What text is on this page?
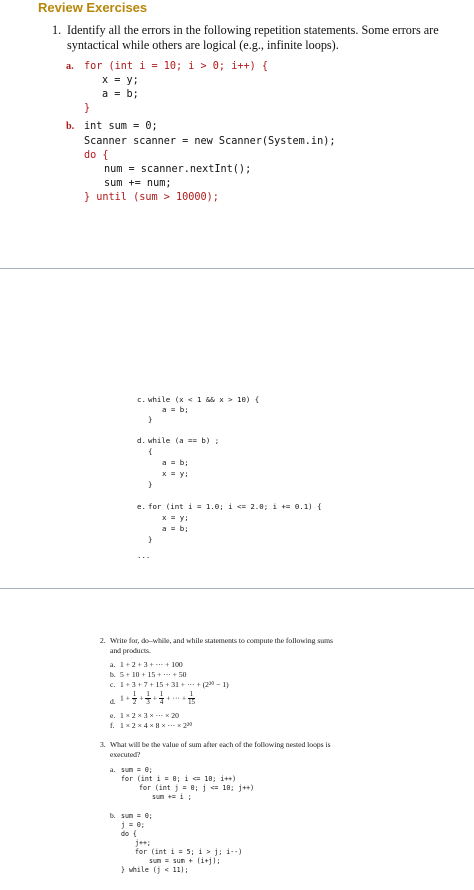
Review Exercises
1. Identify all the errors in the following repetition statements. Some errors are syntactical while others are logical (e.g., infinite loops).
a. for (int i = 10; i > 0; i++) {
x = y;
a = b;
}
b. int sum = 0;
Scanner scanner = new Scanner(System.in);
do {
num = scanner.nextInt();
sum += num;
} until (sum > 10000);
c. while (x < 1 && x > 10) {
a = b;
}
d. while (a == b) ;
{
a = b;
x = y;
}
e. for (int i = 1.0; i <= 2.0; i += 0.1) {
x = y;
a = b;
}
...
2. Write for, do–while, and while statements to compute the following sums
and products.
a. 1 + 2 + 3 + ··· + 100
b. 5 + 10 + 15 + ··· + 50
c. 1 + 3 + 7 + 15 + 31 + ··· + (2²⁰ − 1)
d. $1 + \frac{1}{2} + \frac{1}{3} + \frac{1}{4}$ + ··· + $\frac{1}{15}$
e. 1 × 2 × 3 × ··· × 20
f. 1 × 2 × 4 × 8 × ··· × 2²⁰
3. What will be the value of sum after each of the following nested loops is
executed?
a. sum = 0;
for (int i = 0; i <= 10; i++)
for (int j = 0; j <= 10; j++)
sum += i ;
b. sum = 0;
j = 0;
do {
j++;
for (int i = 5; i > j; i--)
sum = sum + (i+j);
} while (j < 11);
